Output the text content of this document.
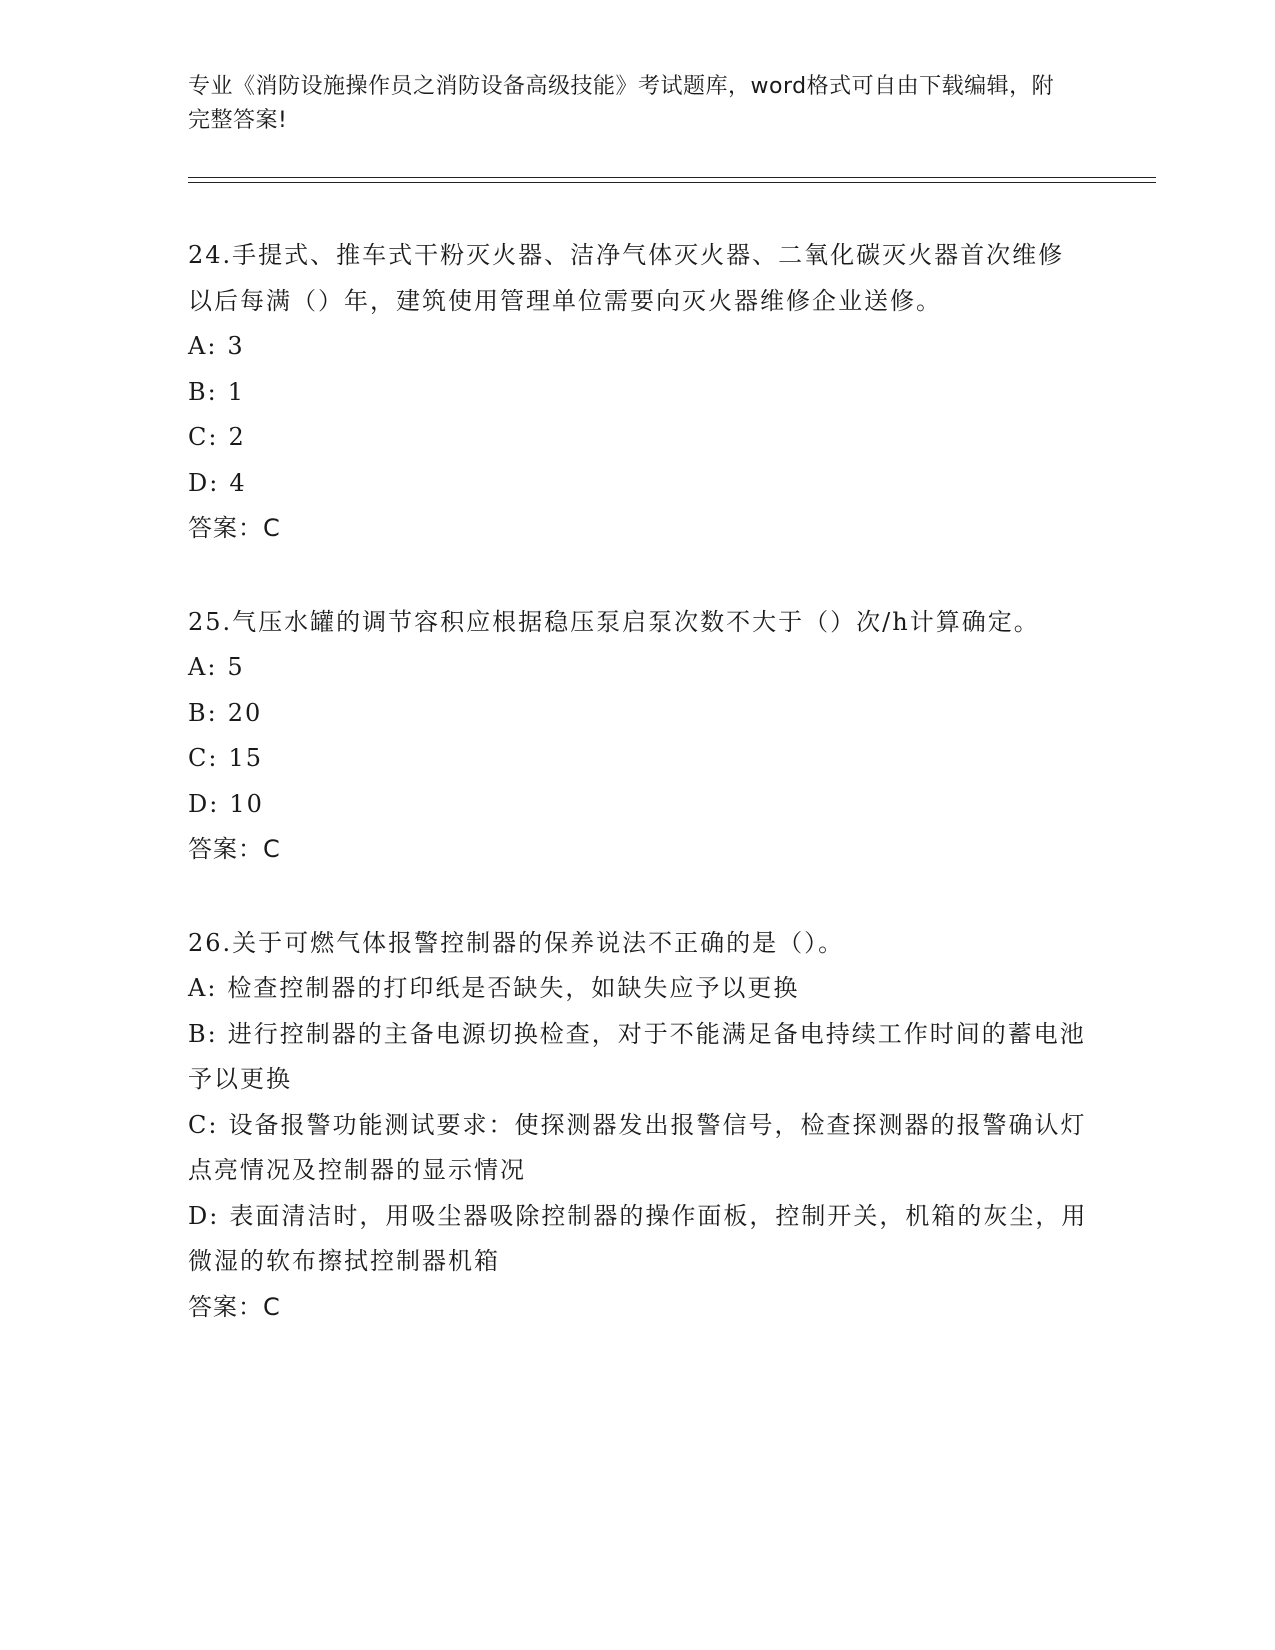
专业《消防设施操作员之消防设备高级技能》考试题库，word格式可自由下载编辑，附完整答案!

24.手提式、推车式干粉灭火器、洁净气体灭火器、二氧化碳灭火器首次维修以后每满（）年，建筑使用管理单位需要向灭火器维修企业送修。

A: 3

B: 1

C: 2

D: 4

答案：C

25.气压水罐的调节容积应根据稳压泵启泵次数不大于（）次/h计算确定。

A: 5

B: 20

C: 15

D: 10

答案：C

26.关于可燃气体报警控制器的保养说法不正确的是（）。

A: 检查控制器的打印纸是否缺失，如缺失应予以更换

B: 进行控制器的主备电源切换检查，对于不能满足备电持续工作时间的蓄电池予以更换

C: 设备报警功能测试要求：使探测器发出报警信号，检查探测器的报警确认灯点亮情况及控制器的显示情况

D: 表面清洁时，用吸尘器吸除控制器的操作面板，控制开关，机箱的灰尘，用微湿的软布擦拭控制器机箱

答案：C
